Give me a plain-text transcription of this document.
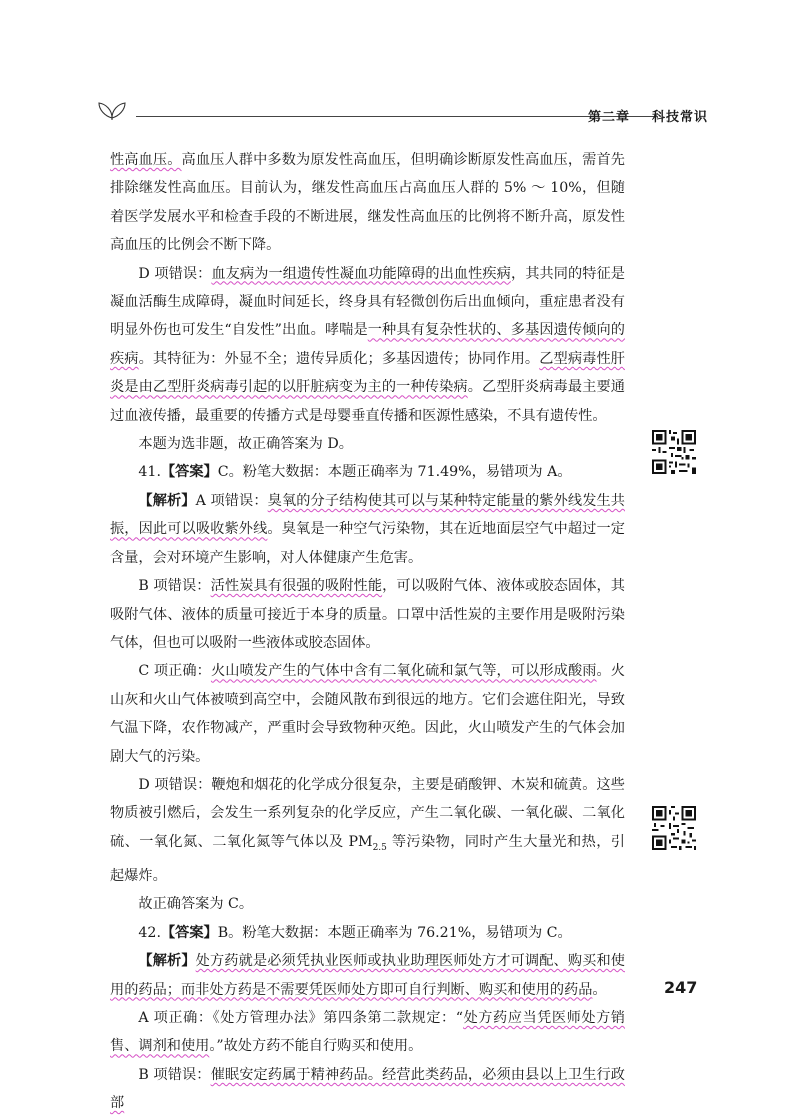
第二章 科技常识

性高血压。高血压人群中多数为原发性高血压，但明确诊断原发性高血压，需首先排除继发性高血压。目前认为，继发性高血压占高血压人群的 5% ～ 10%，但随着医学发展水平和检查手段的不断进展，继发性高血压的比例将不断升高，原发性高血压的比例会不断下降。

D 项错误：血友病为一组遗传性凝血功能障碍的出血性疾病，其共同的特征是凝血活酶生成障碍，凝血时间延长，终身具有轻微创伤后出血倾向，重症患者没有明显外伤也可发生“自发性”出血。哮喘是一种具有复杂性状的、多基因遗传倾向的疾病。其特征为：外显不全；遗传异质化；多基因遗传；协同作用。乙型病毒性肝炎是由乙型肝炎病毒引起的以肝脏病变为主的一种传染病。乙型肝炎病毒最主要通过血液传播，最重要的传播方式是母婴垂直传播和医源性感染，不具有遗传性。

本题为选非题，故正确答案为 D。

41.【答案】C。粉笔大数据：本题正确率为 71.49%，易错项为 A。

【解析】A 项错误：臭氧的分子结构使其可以与某种特定能量的紫外线发生共振，因此可以吸收紫外线。臭氧是一种空气污染物，其在近地面层空气中超过一定含量，会对环境产生影响，对人体健康产生危害。

B 项错误：活性炭具有很强的吸附性能，可以吸附气体、液体或胶态固体，其吸附气体、液体的质量可接近于本身的质量。口罩中活性炭的主要作用是吸附污染气体，但也可以吸附一些液体或胶态固体。

C 项正确：火山喷发产生的气体中含有二氧化硫和氯气等，可以形成酸雨。火山灰和火山气体被喷到高空中，会随风散布到很远的地方。它们会遮住阳光，导致气温下降，农作物减产，严重时会导致物种灭绝。因此，火山喷发产生的气体会加剧大气的污染。

D 项错误：鞭炮和烟花的化学成分很复杂，主要是硝酸钾、木炭和硫黄。这些物质被引燃后，会发生一系列复杂的化学反应，产生二氧化碳、一氧化碳、二氧化硫、一氧化氮、二氧化氮等气体以及 $PM_{2.5}$ 等污染物，同时产生大量光和热，引起爆炸。

故正确答案为 C。

42.【答案】B。粉笔大数据：本题正确率为 76.21%，易错项为 C。

【解析】处方药就是必须凭执业医师或执业助理医师处方才可调配、购买和使用的药品；而非处方药是不需要凭医师处方即可自行判断、购买和使用的药品。

A 项正确：《处方管理办法》第四条第二款规定：“处方药应当凭医师处方销售、调剂和使用。”故处方药不能自行购买和使用。

B 项错误：催眠安定药属于精神药品。经营此类药品，必须由县以上卫生行政部

247
